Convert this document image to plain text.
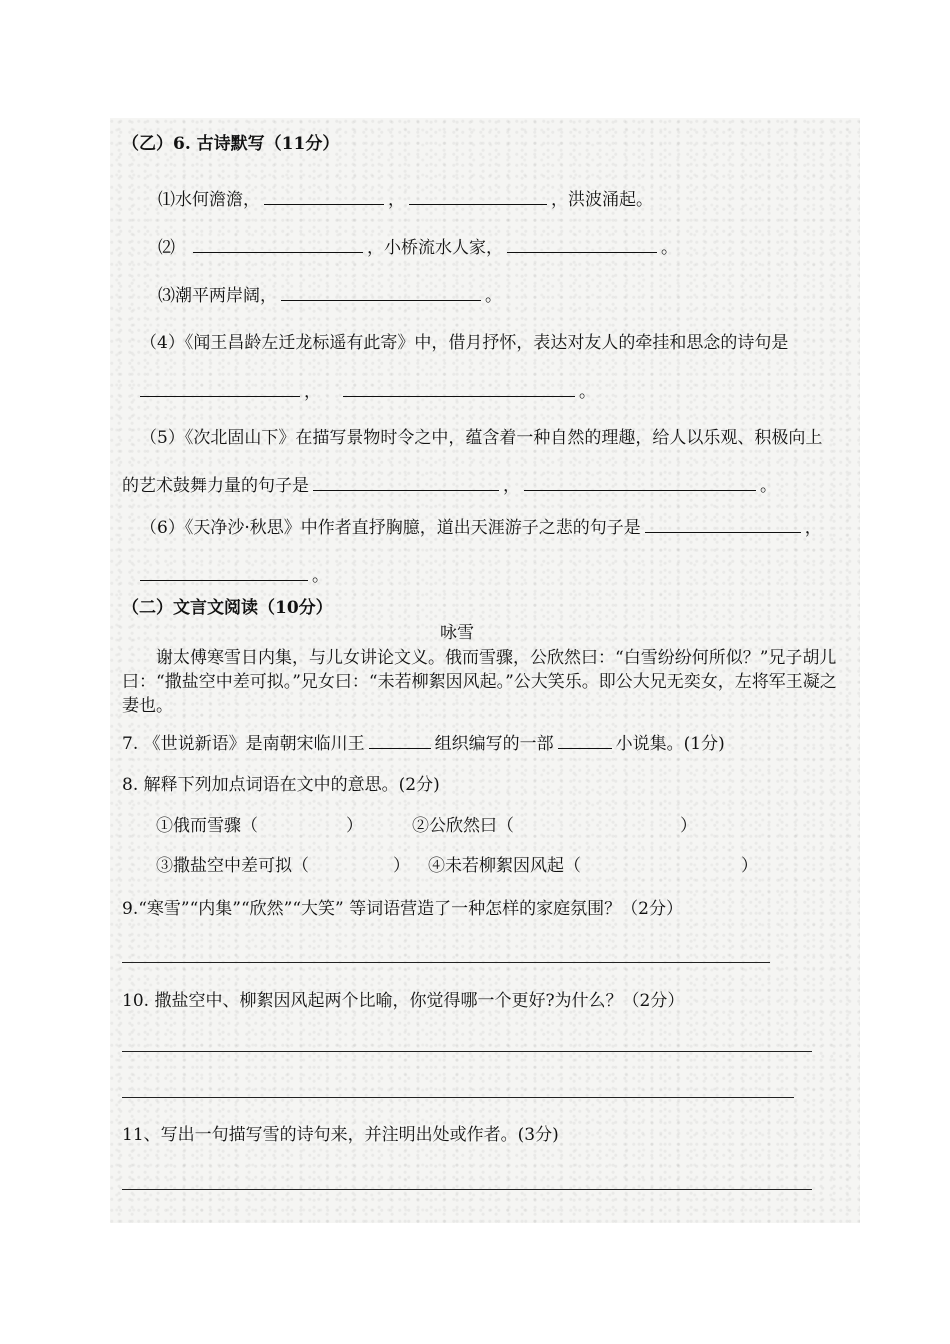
（乙）6. 古诗默写（11分）
⑴水何澹澹，	，	，洪波涌起。
⑵	，小桥流水人家，	。
⑶潮平两岸阔，	。
（4）《闻王昌龄左迁龙标遥有此寄》中，借月抒怀，表达对友人的牵挂和思念的诗句是
，	。
（5）《次北固山下》在描写景物时令之中，蕴含着一种自然的理趣，给人以乐观、积极向上
的艺术鼓舞力量的句子是	，	。
（6）《天净沙·秋思》中作者直抒胸臆，道出天涯游子之悲的句子是	，
。
（二）文言文阅读（10分）
咏雪
谢太傅寒雪日内集，与儿女讲论文义。俄而雪骤，公欣然曰：“白雪纷纷何所似？”兄子胡儿曰：“撒盐空中差可拟。”兄女曰：“未若柳絮因风起。”公大笑乐。即公大兄无奕女，左将军王凝之妻也。
7. 《世说新语》是南朝宋临川王	组织编写的一部	小说集。(1分)
8. 解释下列加点词语在文中的意思。(2分)
①俄而雪骤（	）	②公欣然曰（	）
③撒盐空中差可拟（	） ④未若柳絮因风起（	）
9.“寒雪”“内集”“欣然”“大笑” 等词语营造了一种怎样的家庭氛围？（2分）
10. 撒盐空中、柳絮因风起两个比喻，你觉得哪一个更好?为什么？（2分）
11、写出一句描写雪的诗句来，并注明出处或作者。(3分)
